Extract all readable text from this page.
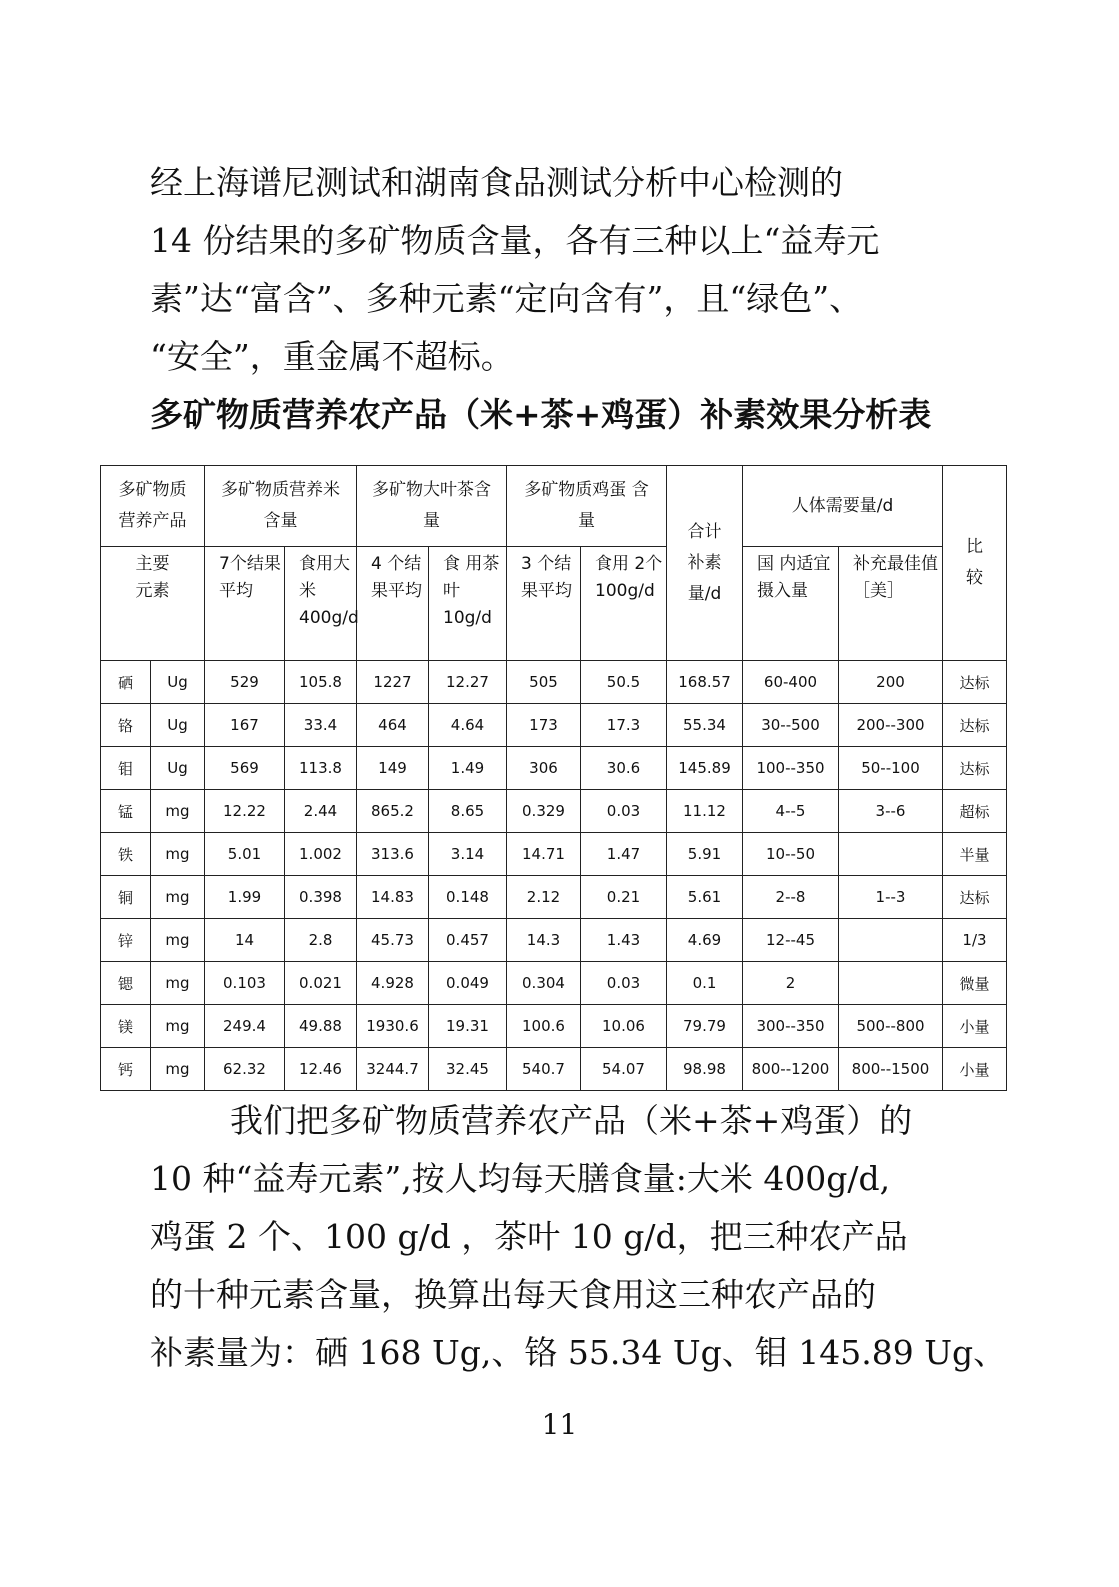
经上海谱尼测试和湖南食品测试分析中心检测的
14 份结果的多矿物质含量，各有三种以上“益寿元
素”达“富含”、多种元素“定向含有”，且“绿色”、
“安全”，重金属不超标。
多矿物质营养农产品（米+茶+鸡蛋）补素效果分析表
多矿物质营养产品		多矿物质营养米含量		多矿物大叶茶含量		多矿物质鸡蛋 含 量		合计补素量/d	人体需要量/d		比较
主要元素		7个结果平均	食用大米400g/d	4 个结果平均	食 用茶 叶10g/d	3 个结果平均	食用 2个100g/d		国 内适宜摄入量	补充最佳值［美］	
硒	Ug	529	105.8	1227	12.27	505	50.5	168.57	60-400	200	达标
铬	Ug	167	33.4	464	4.64	173	17.3	55.34	30--500	200--300	达标
钼	Ug	569	113.8	149	1.49	306	30.6	145.89	100--350	50--100	达标
锰	mg	12.22	2.44	865.2	8.65	0.329	0.03	11.12	4--5	3--6	超标
铁	mg	5.01	1.002	313.6	3.14	14.71	1.47	5.91	10--50		半量
铜	mg	1.99	0.398	14.83	0.148	2.12	0.21	5.61	2--8	1--3	达标
锌	mg	14	2.8	45.73	0.457	14.3	1.43	4.69	12--45		1/3
锶	mg	0.103	0.021	4.928	0.049	0.304	0.03	0.1	2		微量
镁	mg	249.4	49.88	1930.6	19.31	100.6	10.06	79.79	300--350	500--800	小量
钙	mg	62.32	12.46	3244.7	32.45	540.7	54.07	98.98	800--1200	800--1500	小量
我们把多矿物质营养农产品（米+茶+鸡蛋）的
10 种“益寿元素”,按人均每天膳食量:大米 400g/d,
鸡蛋 2 个、100 g/d ，茶叶 10 g/d，把三种农产品
的十种元素含量，换算出每天食用这三种农产品的
补素量为：硒 168 Ug,、铬 55.34 Ug、钼 145.89 Ug、
11
